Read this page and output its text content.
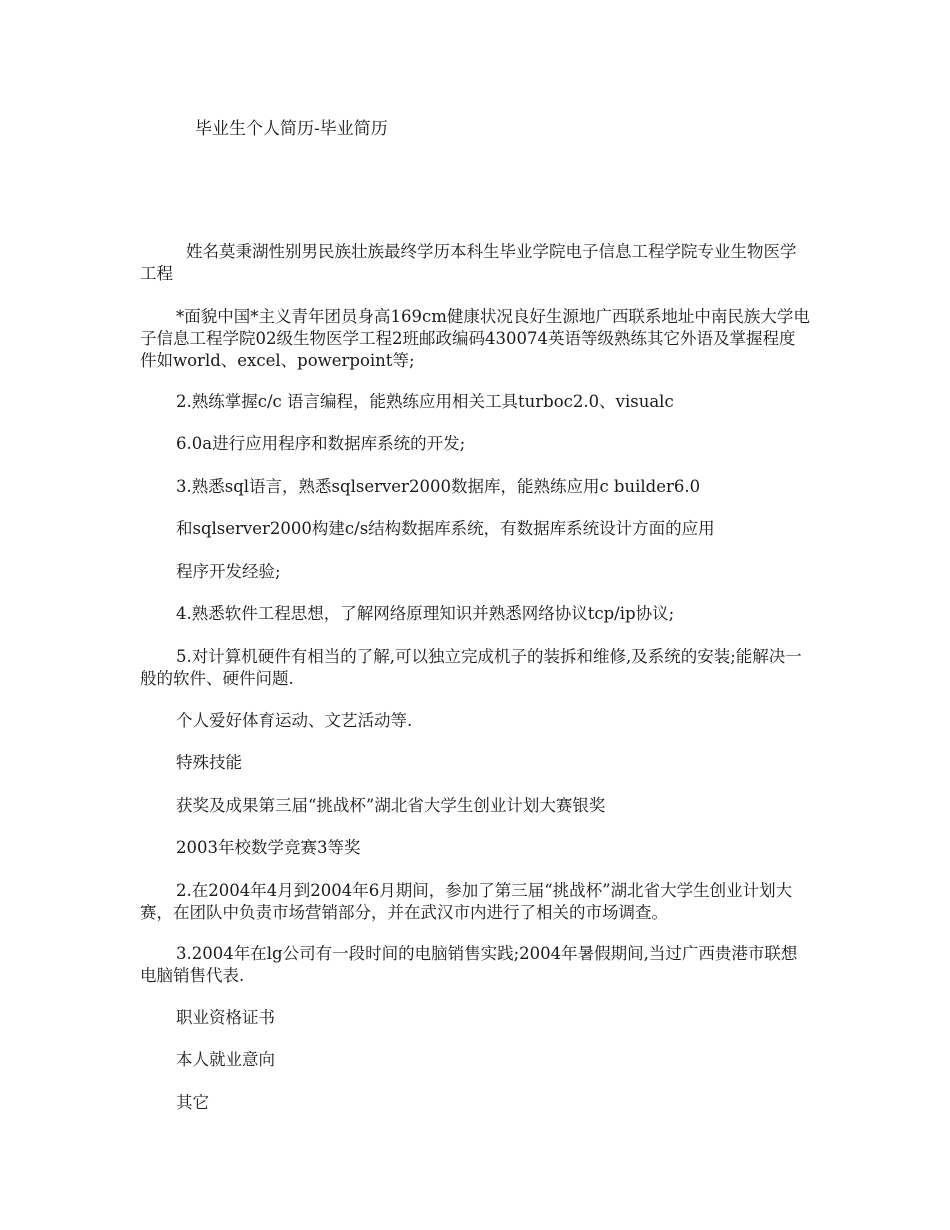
毕业生个人简历-毕业简历
姓名莫秉湖性别男民族壮族最终学历本科生毕业学院电子信息工程学院专业生物医学工程
*面貌中国*主义青年团员身高169cm健康状况良好生源地广西联系地址中南民族大学电子信息工程学院02级生物医学工程2班邮政编码430074英语等级熟练其它外语及掌握程度件如world、excel、powerpoint等;
2.熟练掌握c/c 语言编程，能熟练应用相关工具turboc2.0、visualc
6.0a进行应用程序和数据库系统的开发;
3.熟悉sql语言，熟悉sqlserver2000数据库，能熟练应用c builder6.0
和sqlserver2000构建c/s结构数据库系统，有数据库系统设计方面的应用
程序开发经验;
4.熟悉软件工程思想，了解网络原理知识并熟悉网络协议tcp/ip协议;
5.对计算机硬件有相当的了解,可以独立完成机子的装拆和维修,及系统的安装;能解决一般的软件、硬件问题.
个人爱好体育运动、文艺活动等.
特殊技能
获奖及成果第三届“挑战杯”湖北省大学生创业计划大赛银奖
2003年校数学竞赛3等奖
2.在2004年4月到2004年6月期间，参加了第三届“挑战杯”湖北省大学生创业计划大赛，在团队中负责市场营销部分，并在武汉市内进行了相关的市场调查。
3.2004年在lg公司有一段时间的电脑销售实践;2004年暑假期间,当过广西贵港市联想电脑销售代表.
职业资格证书
本人就业意向
其它
